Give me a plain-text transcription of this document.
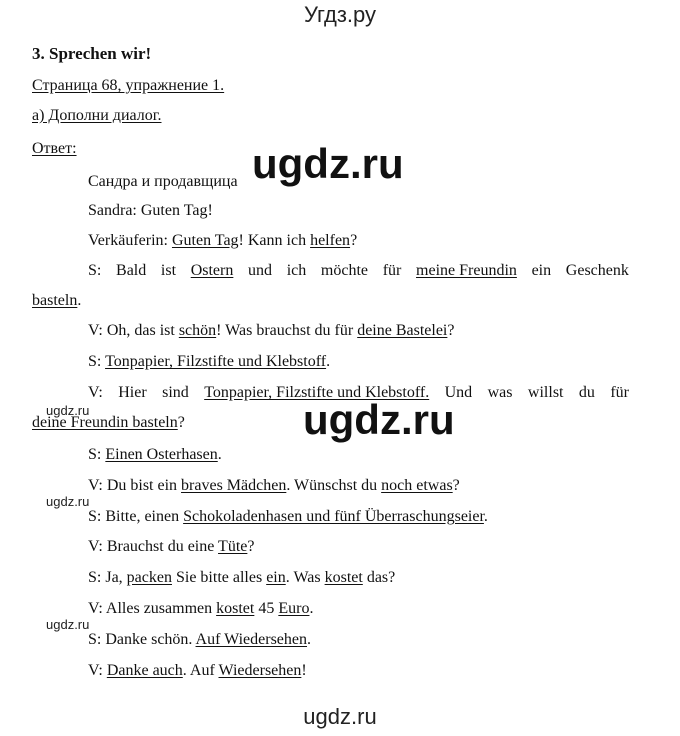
Угдз.ру
3. Sprechen wir!
Страница 68, упражнение 1.
а) Дополни диалог.
Ответ:
Сандра и продавщица
Sandra: Guten Tag!
Verkäuferin: Guten Tag! Kann ich helfen?
S: Bald ist Ostern und ich möchte für meine Freundin ein Geschenk
basteln.
V: Oh, das ist schön! Was brauchst du für deine Bastelei?
S: Tonpapier, Filzstifte und Klebstoff.
V: Hier sind Tonpapier, Filzstifte und Klebstoff. Und was willst du für
deine Freundin basteln?
S: Einen Osterhasen.
V: Du bist ein braves Mädchen. Wünschst du noch etwas?
S: Bitte, einen Schokoladenhasen und fünf Überraschungseier.
V: Brauchst du eine Tüte?
S: Ja, packen Sie bitte alles ein. Was kostet das?
V: Alles zusammen kostet 45 Euro.
S: Danke schön. Auf Wiedersehen.
V: Danke auch. Auf Wiedersehen!
ugdz.ru
ugdz.ru
ugdz.ru
ugdz.ru
ugdz.ru
ugdz.ru
